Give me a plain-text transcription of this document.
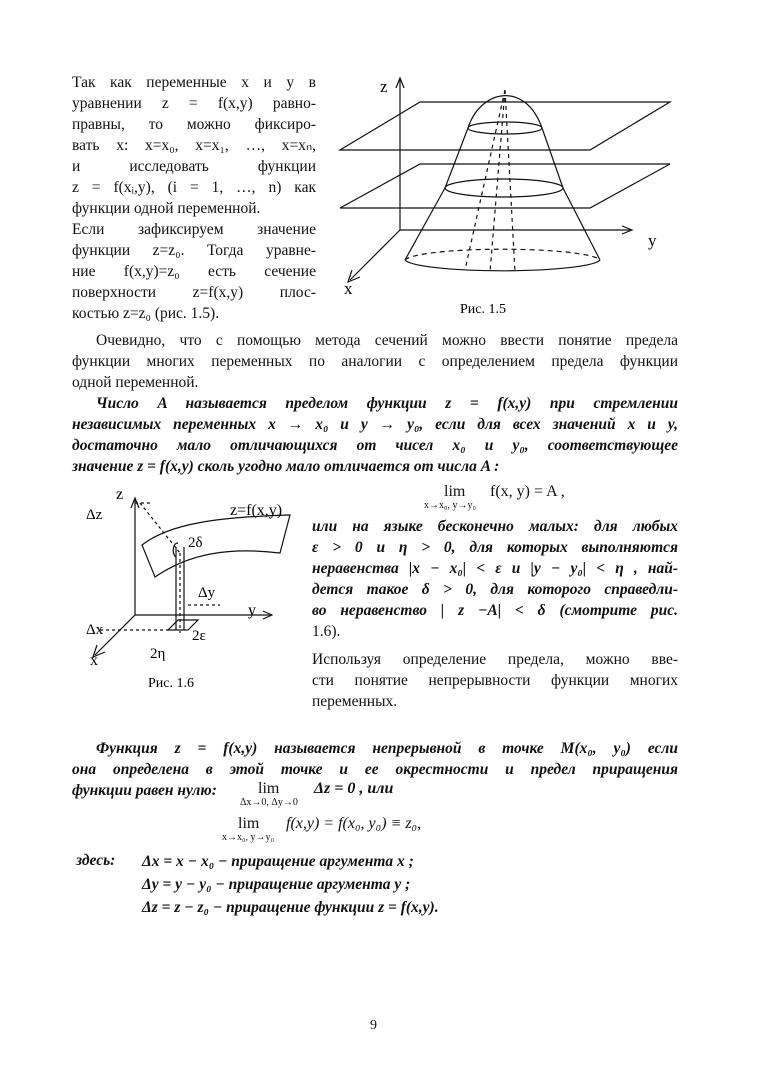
Так как переменные x и y в
уравнении z = f(x,y) равно-
правны, то можно фиксиро-
вать x: x=x₀, x=x₁, …, x=xₙ,
и исследовать функции
z = f(xᵢ,y), (i = 1, …, n) как
функции одной переменной.
Если зафиксируем значение
функции z=z₀. Тогда уравне-
ние f(x,y)=z₀ есть сечение
поверхности z=f(x,y) плос-
костью z=z₀ (рис. 1.5).
z
y
x
Рис. 1.5
Очевидно, что с помощью метода сечений можно ввести понятие предела
функции многих переменных по аналогии с определением предела функции
одной переменной.
Число A называется пределом функции z = f(x,y) при стремлении
независимых переменных x → x₀ и y → y₀, если для всех значений x и y,
достаточно мало отличающихся от чисел x₀ и y₀, соответствующее
значение z = f(x,y) сколь угодно мало отличается от числа A :
lim
x→x₀, y→y₀
f(x, y) = A ,
z
Δz	z=f(x,y)
2δ
Δy
y
Δx	2ε
x	2η
Рис. 1.6
или на языке бесконечно малых: для любых
ε > 0 и η > 0, для которых выполняются
неравенства |x − x₀| < ε и |y − y₀| < η , най-
дется такое δ > 0, для которого справедли-
во неравенство | z −A| < δ (смотрите рис.
1.6).
Используя определение предела, можно вве-
сти понятие непрерывности функции многих
переменных.
Функция z = f(x,y) называется непрерывной в точке M(x₀, y₀) если
она определена в этой точке и ее окрестности и предел приращения
функции равен нулю:	lim
Δx→0, Δy→0
Δz = 0 , или
lim
x→x₀, y→y₀
f(x,y) = f(x₀, y₀) ≡ z₀,
здесь: Δx = x − x₀ − приращение аргумента x ;
Δy = y − y₀ − приращение аргумента y ;
Δz = z − z₀ − приращение функции z = f(x,y).
9
